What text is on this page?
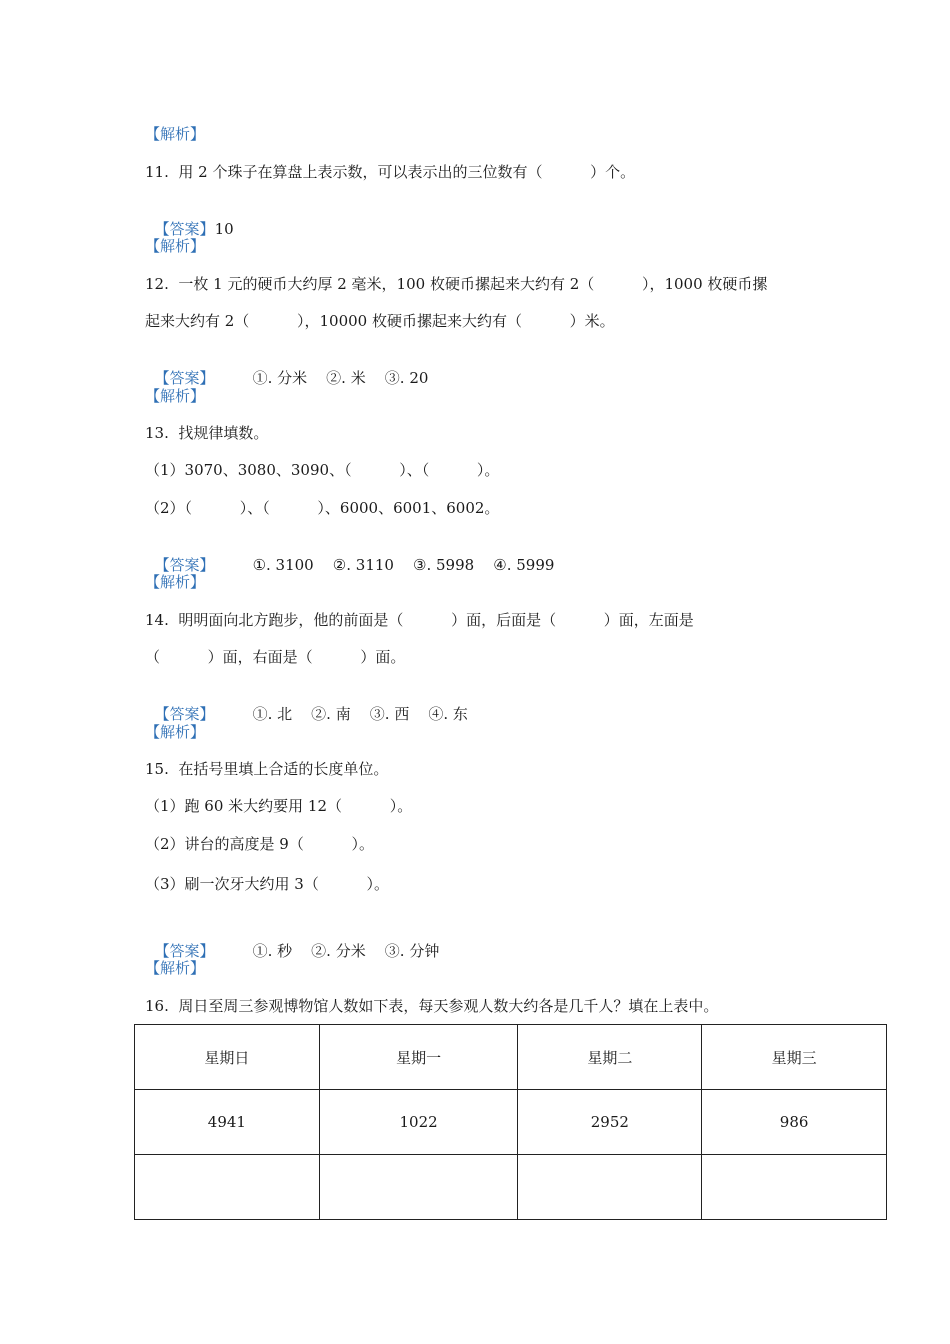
【解析】
11.  用 2 个珠子在算盘上表示数，可以表示出的三位数有（          ）个。

【答案】10

【解析】
12.  一枚 1 元的硬币大约厚 2 毫米，100 枚硬币摞起来大约有 2（          ），1000 枚硬币摞
起来大约有 2（          ），10000 枚硬币摞起来大约有（          ）米。

【答案】	①. 分米    ②. 米    ③. 20

【解析】
13.  找规律填数。
（1）3070、3080、3090、（          ）、（          ）。
（2）（          ）、（          ）、6000、6001、6002。

【答案】	①. 3100    ②. 3110    ③. 5998    ④. 5999

【解析】
14.  明明面向北方跑步，他的前面是（          ）面，后面是（          ）面，左面是
（          ）面，右面是（          ）面。

【答案】	①. 北    ②. 南    ③. 西    ④. 东

【解析】
15.  在括号里填上合适的长度单位。
（1）跑 60 米大约要用 12（          ）。
（2）讲台的高度是 9（          ）。
（3）刷一次牙大约用 3（          ）。

【答案】	①. 秒    ②. 分米    ③. 分钟

【解析】
16.  周日至周三参观博物馆人数如下表，每天参观人数大约各是几千人？填在上表中。
星期日	星期一	星期二	星期三
4941	1022	2952	986
